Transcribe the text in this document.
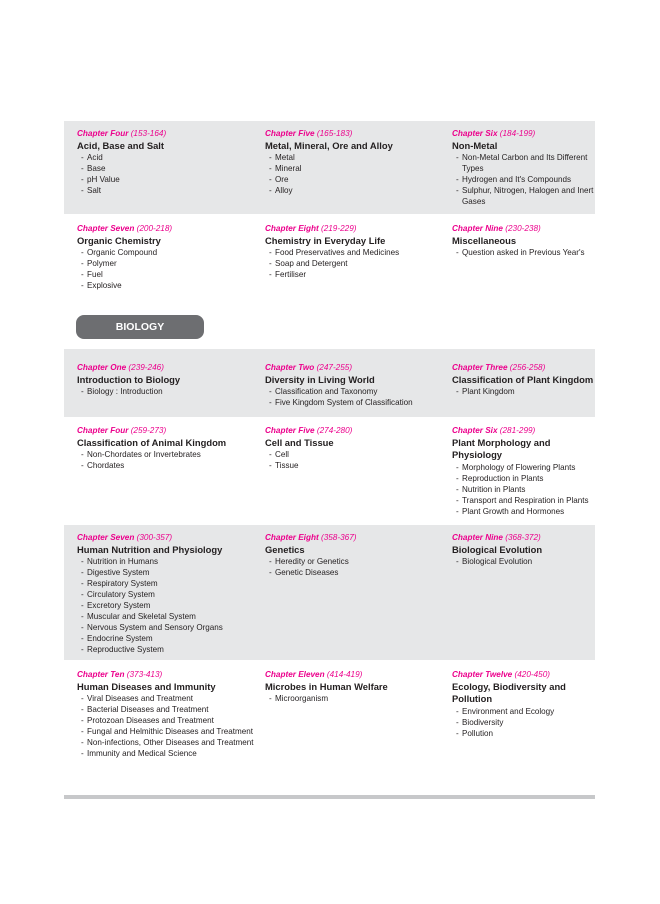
Chapter Four (153-164)
Acid, Base and Salt
- Acid
- Base
- pH Value
- Salt
Chapter Five (165-183)
Metal, Mineral, Ore and Alloy
- Metal
- Mineral
- Ore
- Alloy
Chapter Six (184-199)
Non-Metal
- Non-Metal Carbon and Its Different Types
- Hydrogen and It's Compounds
- Sulphur, Nitrogen, Halogen and Inert Gases
Chapter Seven (200-218)
Organic Chemistry
- Organic Compound
- Polymer
- Fuel
- Explosive
Chapter Eight (219-229)
Chemistry in Everyday Life
- Food Preservatives and Medicines
- Soap and Detergent
- Fertiliser
Chapter Nine (230-238)
Miscellaneous
- Question asked in Previous Year's
BIOLOGY
Chapter One (239-246)
Introduction to Biology
- Biology : Introduction
Chapter Two (247-255)
Diversity in Living World
- Classification and Taxonomy
- Five Kingdom System of Classification
Chapter Three (256-258)
Classification of Plant Kingdom
- Plant Kingdom
Chapter Four (259-273)
Classification of Animal Kingdom
- Non-Chordates or Invertebrates
- Chordates
Chapter Five (274-280)
Cell and Tissue
- Cell
- Tissue
Chapter Six (281-299)
Plant Morphology and Physiology
- Morphology of Flowering Plants
- Reproduction in Plants
- Nutrition in Plants
- Transport and Respiration in Plants
- Plant Growth and Hormones
Chapter Seven (300-357)
Human Nutrition and Physiology
- Nutrition in Humans
- Digestive System
- Respiratory System
- Circulatory System
- Excretory System
- Muscular and Skeletal System
- Nervous System and Sensory Organs
- Endocrine System
- Reproductive System
Chapter Eight (358-367)
Genetics
- Heredity or Genetics
- Genetic Diseases
Chapter Nine (368-372)
Biological Evolution
- Biological Evolution
Chapter Ten (373-413)
Human Diseases and Immunity
- Viral Diseases and Treatment
- Bacterial Diseases and Treatment
- Protozoan Diseases and Treatment
- Fungal and Helmithic Diseases and Treatment
- Non-infections, Other Diseases and Treatment
- Immunity and Medical Science
Chapter Eleven (414-419)
Microbes in Human Welfare
- Microorganism
Chapter Twelve (420-450)
Ecology, Biodiversity and Pollution
- Environment and Ecology
- Biodiversity
- Pollution
